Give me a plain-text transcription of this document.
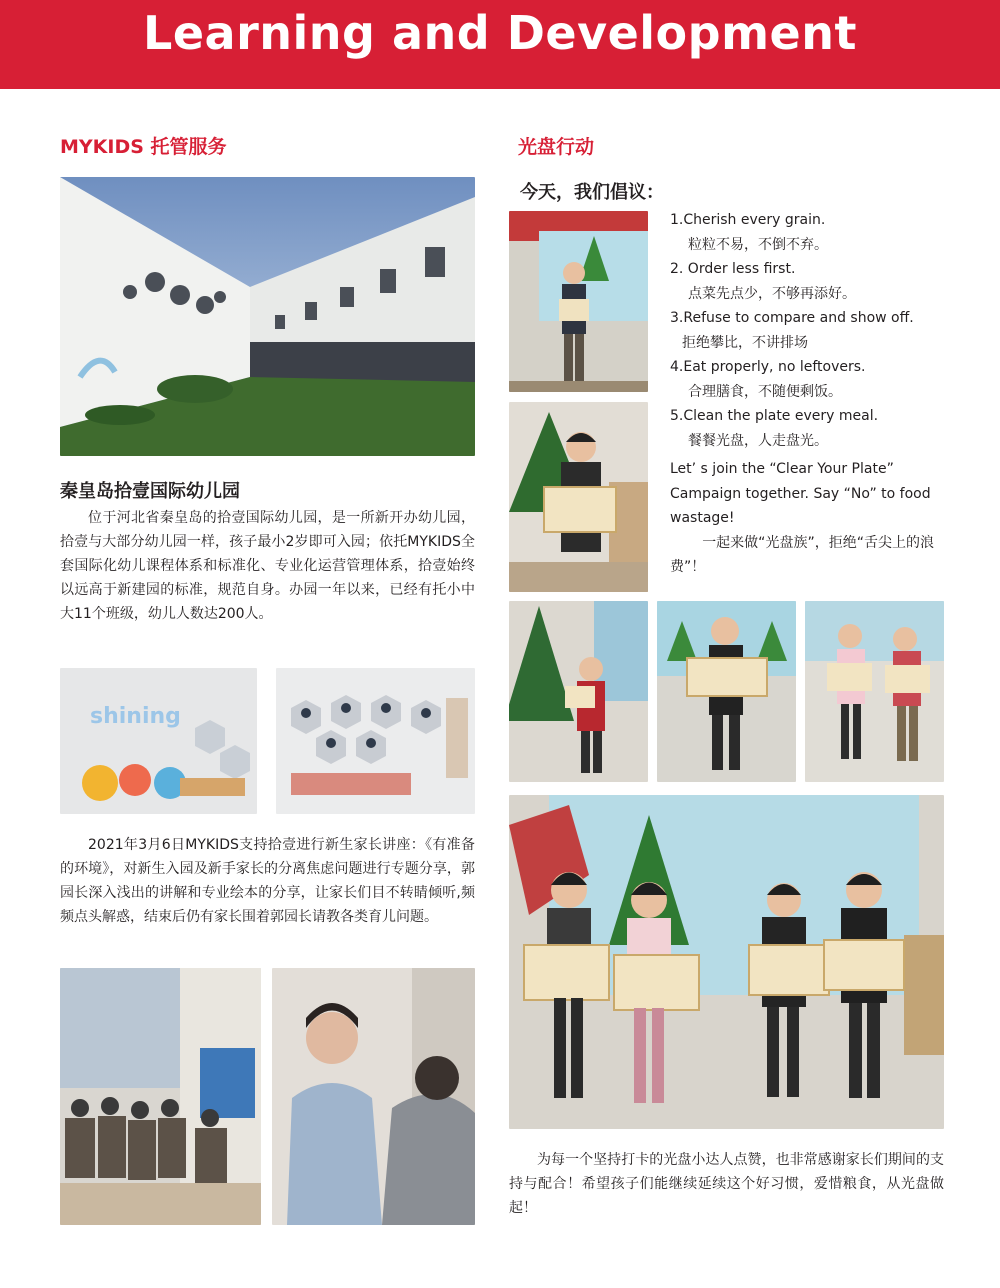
Learning and Development
MYKIDS 托管服务
秦皇岛拾壹国际幼儿园
位于河北省秦皇岛的拾壹国际幼儿园，是一所新开办幼儿园，拾壹与大部分幼儿园一样，孩子最小2岁即可入园；依托MYKIDS全套国际化幼儿课程体系和标准化、专业化运营管理体系，拾壹始终以远高于新建园的标准，规范自身。办园一年以来，已经有托小中大11个班级，幼儿人数达200人。
shining
2021年3月6日MYKIDS支持拾壹进行新生家长讲座：《有准备的环境》，对新生入园及新手家长的分离焦虑问题进行专题分享，郭园长深入浅出的讲解和专业绘本的分享，让家长们目不转睛倾听,频频点头解惑，结束后仍有家长围着郭园长请教各类育儿问题。
光盘行动
今天，我们倡议：
1.Cherish every grain.
粒粒不易，不倒不弃。
2. Order less first.
点菜先点少，不够再添好。
3.Refuse to compare and show off.
拒绝攀比，不讲排场
4.Eat properly, no leftovers.
合理膳食，不随便剩饭。
5.Clean the plate every meal.
餐餐光盘，人走盘光。
Let’ s join the “Clear Your Plate” Campaign together. Say “No” to food wastage!
一起来做“光盘族”，拒绝“舌尖上的浪费”！
为每一个坚持打卡的光盘小达人点赞，也非常感谢家长们期间的支持与配合！希望孩子们能继续延续这个好习惯，爱惜粮食，从光盘做起！
